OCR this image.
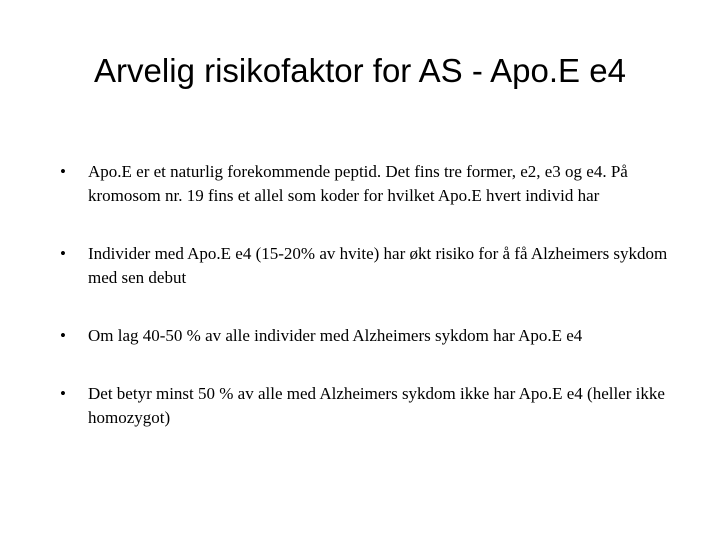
Arvelig risikofaktor for AS - Apo.E e4
•	Apo.E er et naturlig forekommende peptid. Det fins tre former, e2, e3 og e4. På kromosom nr. 19 fins et allel som koder for hvilket Apo.E hvert individ har
•	Individer med Apo.E e4 (15-20% av hvite) har økt risiko for å få Alzheimers sykdom med sen debut
•	Om lag 40-50 % av alle individer med Alzheimers sykdom har Apo.E e4
•	Det betyr minst 50 % av alle med Alzheimers sykdom ikke har Apo.E e4 (heller ikke homozygot)
